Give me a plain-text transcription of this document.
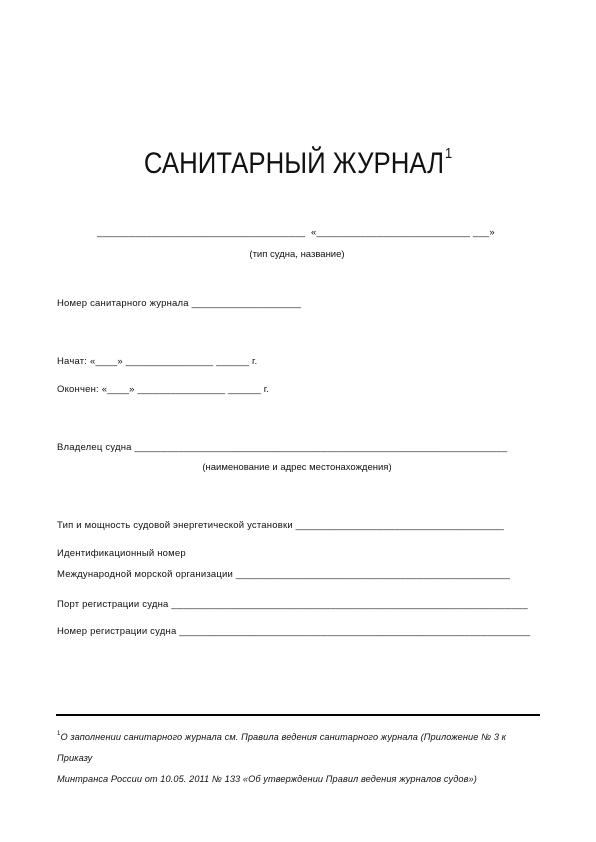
САНИТАРНЫЙ ЖУРНАЛ$^1$
______________________________________  «____________________________ ___»
(тип судна, название)
Номер санитарного журнала ____________________
Начат: «____» ________________ ______ г.
Окончен: «____» ________________ ______ г.
Владелец судна ____________________________________________________________________
(наименование и адрес местонахождения)
Тип и мощность судовой энергетической установки ______________________________________
Идентификационный номер
Международной морской организации __________________________________________________
Порт регистрации судна _________________________________________________________________
Номер регистрации судна ________________________________________________________________
$^1$О заполнении санитарного журнала см. Правила ведения санитарного журнала (Приложение № 3 к Приказу
Минтранса России от 10.05. 2011 № 133 «Об утверждении Правил ведения журналов судов»)
